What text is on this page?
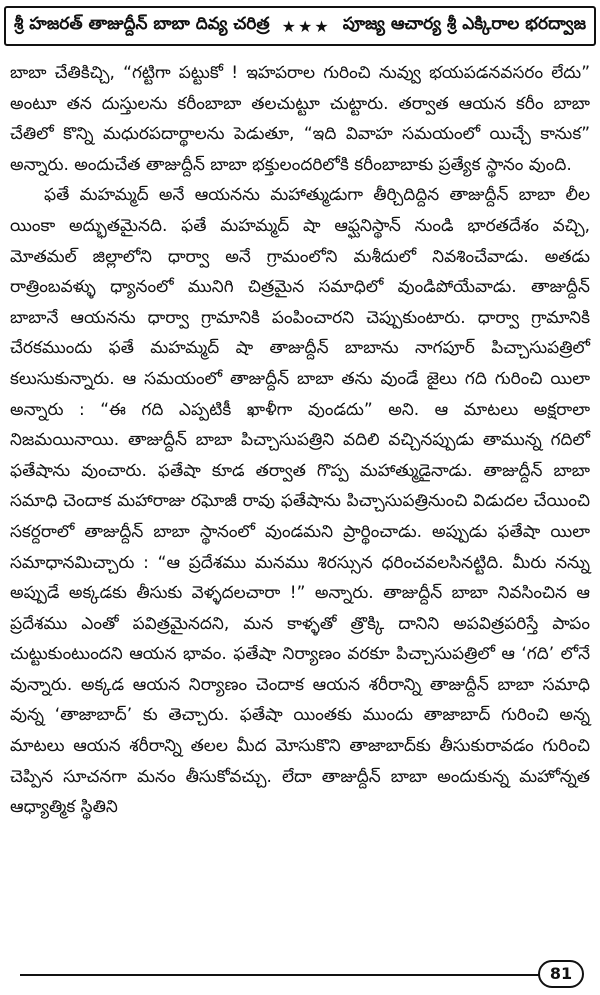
శ్రీ హజరత్ తాజుద్దీన్ బాబా దివ్య చరిత్ర ★★★ పూజ్య ఆచార్య శ్రీ ఎక్కిరాల భరద్వాజ

బాబా చేతికిచ్చి, “గట్టిగా పట్టుకో ! ఇహపరాల గురించి నువ్వు భయపడనవసరం లేదు” అంటూ తన దుస్తులను కరీంబాబా తలచుట్టూ చుట్టారు. తర్వాత ఆయన కరీం బాబా చేతిలో కొన్ని మధురపదార్థాలను పెడుతూ, “ఇది వివాహ సమయంలో యిచ్చే కానుక” అన్నారు. అందుచేత తాజుద్దీన్ బాబా భక్తులందరిలోకి కరీంబాబాకు ప్రత్యేక స్థానం వుంది.

ఫతే మహమ్మద్ అనే ఆయనను మహాత్ముడుగా తీర్చిదిద్దిన తాజుద్దీన్ బాబా లీల యింకా అద్భుతమైనది. ఫతే మహమ్మద్ షా ఆఫ్ఘనిస్థాన్ నుండి భారతదేశం వచ్చి, మోతమల్ జిల్లాలోని ధార్వా అనే గ్రామంలోని మశీదులో నివశించేవాడు. అతడు రాత్రింబవళ్ళు ధ్యానంలో మునిగి చిత్రమైన సమాధిలో వుండిపోయేవాడు. తాజుద్దీన్ బాబానే ఆయనను ధార్వా గ్రామానికి పంపించారని చెప్పుకుంటారు. ధార్వా గ్రామానికి చేరకముందు ఫతే మహమ్మద్ షా తాజుద్దీన్ బాబాను నాగపూర్ పిచ్చాసుపత్రిలో కలుసుకున్నారు. ఆ సమయంలో తాజుద్దీన్ బాబా తను వుండే జైలు గది గురించి యిలా అన్నారు : “ఈ గది ఎప్పటికీ ఖాళీగా వుండదు” అని. ఆ మాటలు అక్షరాలా నిజమయినాయి. తాజుద్దీన్ బాబా పిచ్చాసుపత్రిని వదిలి వచ్చినప్పుడు తామున్న గదిలో ఫతేషాను వుంచారు. ఫతేషా కూడ తర్వాత గొప్ప మహాత్ముడైనాడు. తాజుద్దీన్ బాబా సమాధి చెందాక మహారాజు రఘోజీ రావు ఫతేషాను పిచ్చాసుపత్రినుంచి విడుదల చేయించి సకర్దరాలో తాజుద్దీన్ బాబా స్థానంలో వుండమని ప్రార్థించాడు. అప్పుడు ఫతేషా యిలా సమాధానమిచ్చారు : “ఆ ప్రదేశము మనము శిరస్సున ధరించవలసినట్టిది. మీరు నన్ను అప్పుడే అక్కడకు తీసుకు వెళ్ళదలచారా !” అన్నారు. తాజుద్దీన్ బాబా నివసించిన ఆ ప్రదేశము ఎంతో పవిత్రమైనదని, మన కాళ్ళతో త్రొక్కి దానిని అపవిత్రపరిస్తే పాపం చుట్టుకుంటుందని ఆయన భావం. ఫతేషా నిర్యాణం వరకూ పిచ్చాసుపత్రిలో ఆ ‘గది’ లోనే వున్నారు. అక్కడ ఆయన నిర్యాణం చెందాక ఆయన శరీరాన్ని తాజుద్దీన్ బాబా సమాధి వున్న ‘తాజాబాద్’ కు తెచ్చారు. ఫతేషా యింతకు ముందు తాజాబాద్ గురించి అన్న మాటలు ఆయన శరీరాన్ని తలల మీద మోసుకొని తాజాబాద్‌కు తీసుకురావడం గురించి చెప్పిన సూచనగా మనం తీసుకోవచ్చు. లేదా తాజుద్దీన్ బాబా అందుకున్న మహోన్నత ఆధ్యాత్మిక స్థితిని

81
